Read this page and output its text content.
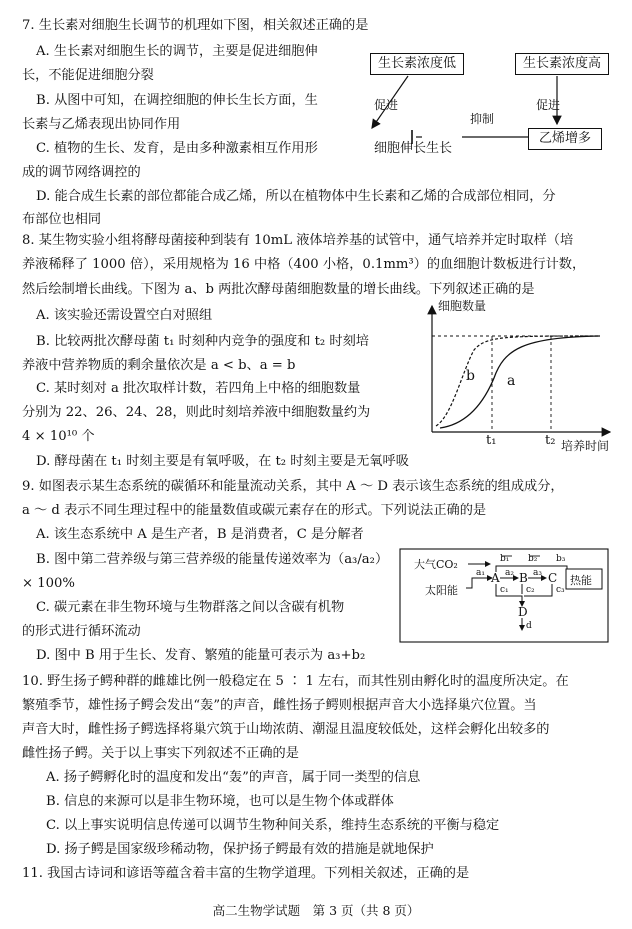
7. 生长素对细胞生长调节的机理如下图，相关叙述正确的是
A. 生长素对细胞生长的调节，主要是促进细胞伸
长，不能促进细胞分裂
B. 从图中可知，在调控细胞的伸长生长方面，生
长素与乙烯表现出协同作用
C. 植物的生长、发育，是由多种激素相互作用形
成的调节网络调控的
D. 能合成生长素的部位都能合成乙烯，所以在植物体中生长素和乙烯的合成部位相同，分
布部位也相同
生长素浓度低	生长素浓度高
促进
抑制
促进
细胞伸长生长
乙烯增多
8. 某生物实验小组将酵母菌接种到装有 10mL 液体培养基的试管中，通气培养并定时取样（培
养液稀释了 1000 倍），采用规格为 16 中格（400 小格，0.1mm³）的血细胞计数板进行计数，
然后绘制增长曲线。下图为 a、b 两批次酵母菌细胞数量的增长曲线。下列叙述正确的是
A. 该实验还需设置空白对照组
B. 比较两批次酵母菌 t₁ 时刻种内竞争的强度和 t₂ 时刻培
养液中营养物质的剩余量依次是 a < b、a = b
C. 某时刻对 a 批次取样计数，若四角上中格的细胞数量
分别为 22、26、24、28，则此时刻培养液中细胞数量约为
4 × 10¹⁰ 个
D. 酵母菌在 t₁ 时刻主要是有氧呼吸，在 t₂ 时刻主要是无氧呼吸
细胞数量
培养时间
b a
t₁	t₂
9. 如图表示某生态系统的碳循环和能量流动关系，其中 A ～ D 表示该生态系统的组成成分，
a ～ d 表示不同生理过程中的能量数值或碳元素存在的形式。下列说法正确的是
A. 该生态系统中 A 是生产者，B 是消费者，C 是分解者
B. 图中第二营养级与第三营养级的能量传递效率为（a₃/a₂）
× 100%
C. 碳元素在非生物环境与生物群落之间以含碳有机物
的形式进行循环流动
D. 图中 B 用于生长、发育、繁殖的能量可表示为 a₃+b₂
大气CO₂
太阳能
A B C
D
热能
a₁ a₂ a₃
b₁ b₂ b₃
c₁ c₂ c₃
d
10. 野生扬子鳄种群的雌雄比例一般稳定在 5 ∶ 1 左右，而其性别由孵化时的温度所决定。在
繁殖季节，雄性扬子鳄会发出“轰”的声音，雌性扬子鳄则根据声音大小选择巢穴位置。当
声音大时，雌性扬子鳄选择将巢穴筑于山坳浓荫、潮湿且温度较低处，这样会孵化出较多的
雌性扬子鳄。关于以上事实下列叙述不正确的是
A. 扬子鳄孵化时的温度和发出“轰”的声音，属于同一类型的信息
B. 信息的来源可以是非生物环境，也可以是生物个体或群体
C. 以上事实说明信息传递可以调节生物种间关系，维持生态系统的平衡与稳定
D. 扬子鳄是国家级珍稀动物，保护扬子鳄最有效的措施是就地保护
11. 我国古诗词和谚语等蕴含着丰富的生物学道理。下列相关叙述，正确的是
高二生物学试题　第 3 页（共 8 页）
